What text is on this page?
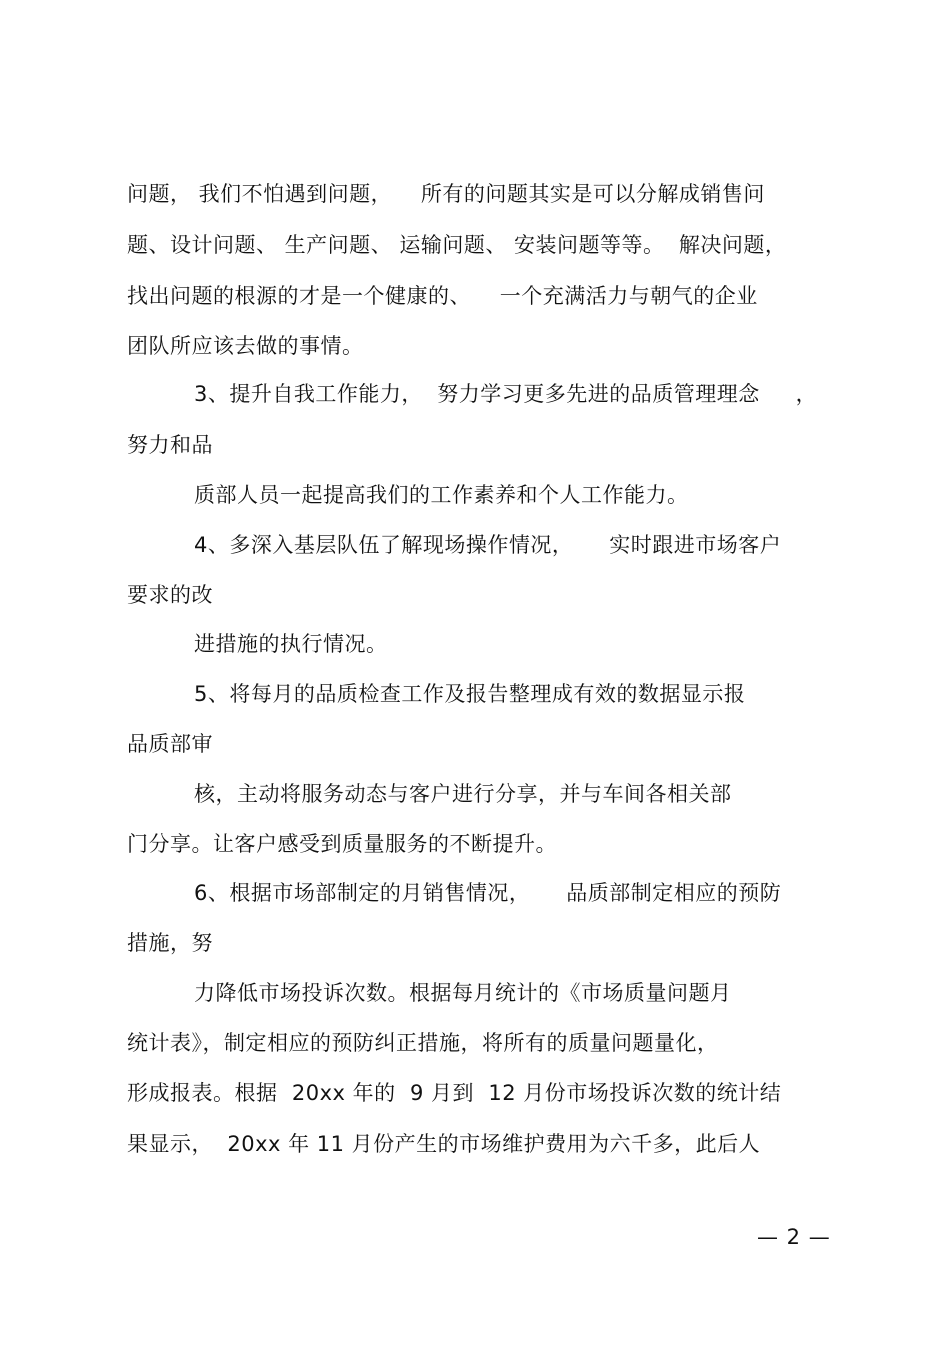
问题， 我们不怕遇到问题，    所有的问题其实是可以分解成销售问
题、设计问题、 生产问题、 运输问题、 安装问题等等。  解决问题，
找出问题的根源的才是一个健康的、    一个充满活力与朝气的企业
团队所应该去做的事情。
3、提升自我工作能力，  努力学习更多先进的品质管理理念     ，
努力和品
质部人员一起提高我们的工作素养和个人工作能力。
4、多深入基层队伍了解现场操作情况，     实时跟进市场客户
要求的改
进措施的执行情况。
5、将每月的品质检查工作及报告整理成有效的数据显示报
品质部审
核，主动将服务动态与客户进行分享，并与车间各相关部
门分享。让客户感受到质量服务的不断提升。
6、根据市场部制定的月销售情况，     品质部制定相应的预防
措施，努
力降低市场投诉次数。根据每月统计的《市场质量问题月
统计表》，制定相应的预防纠正措施，将所有的质量问题量化，
形成报表。根据  20xx 年的  9 月到  12 月份市场投诉次数的统计结
果显示，  20xx 年 11 月份产生的市场维护费用为六千多，此后人
— 2 —
